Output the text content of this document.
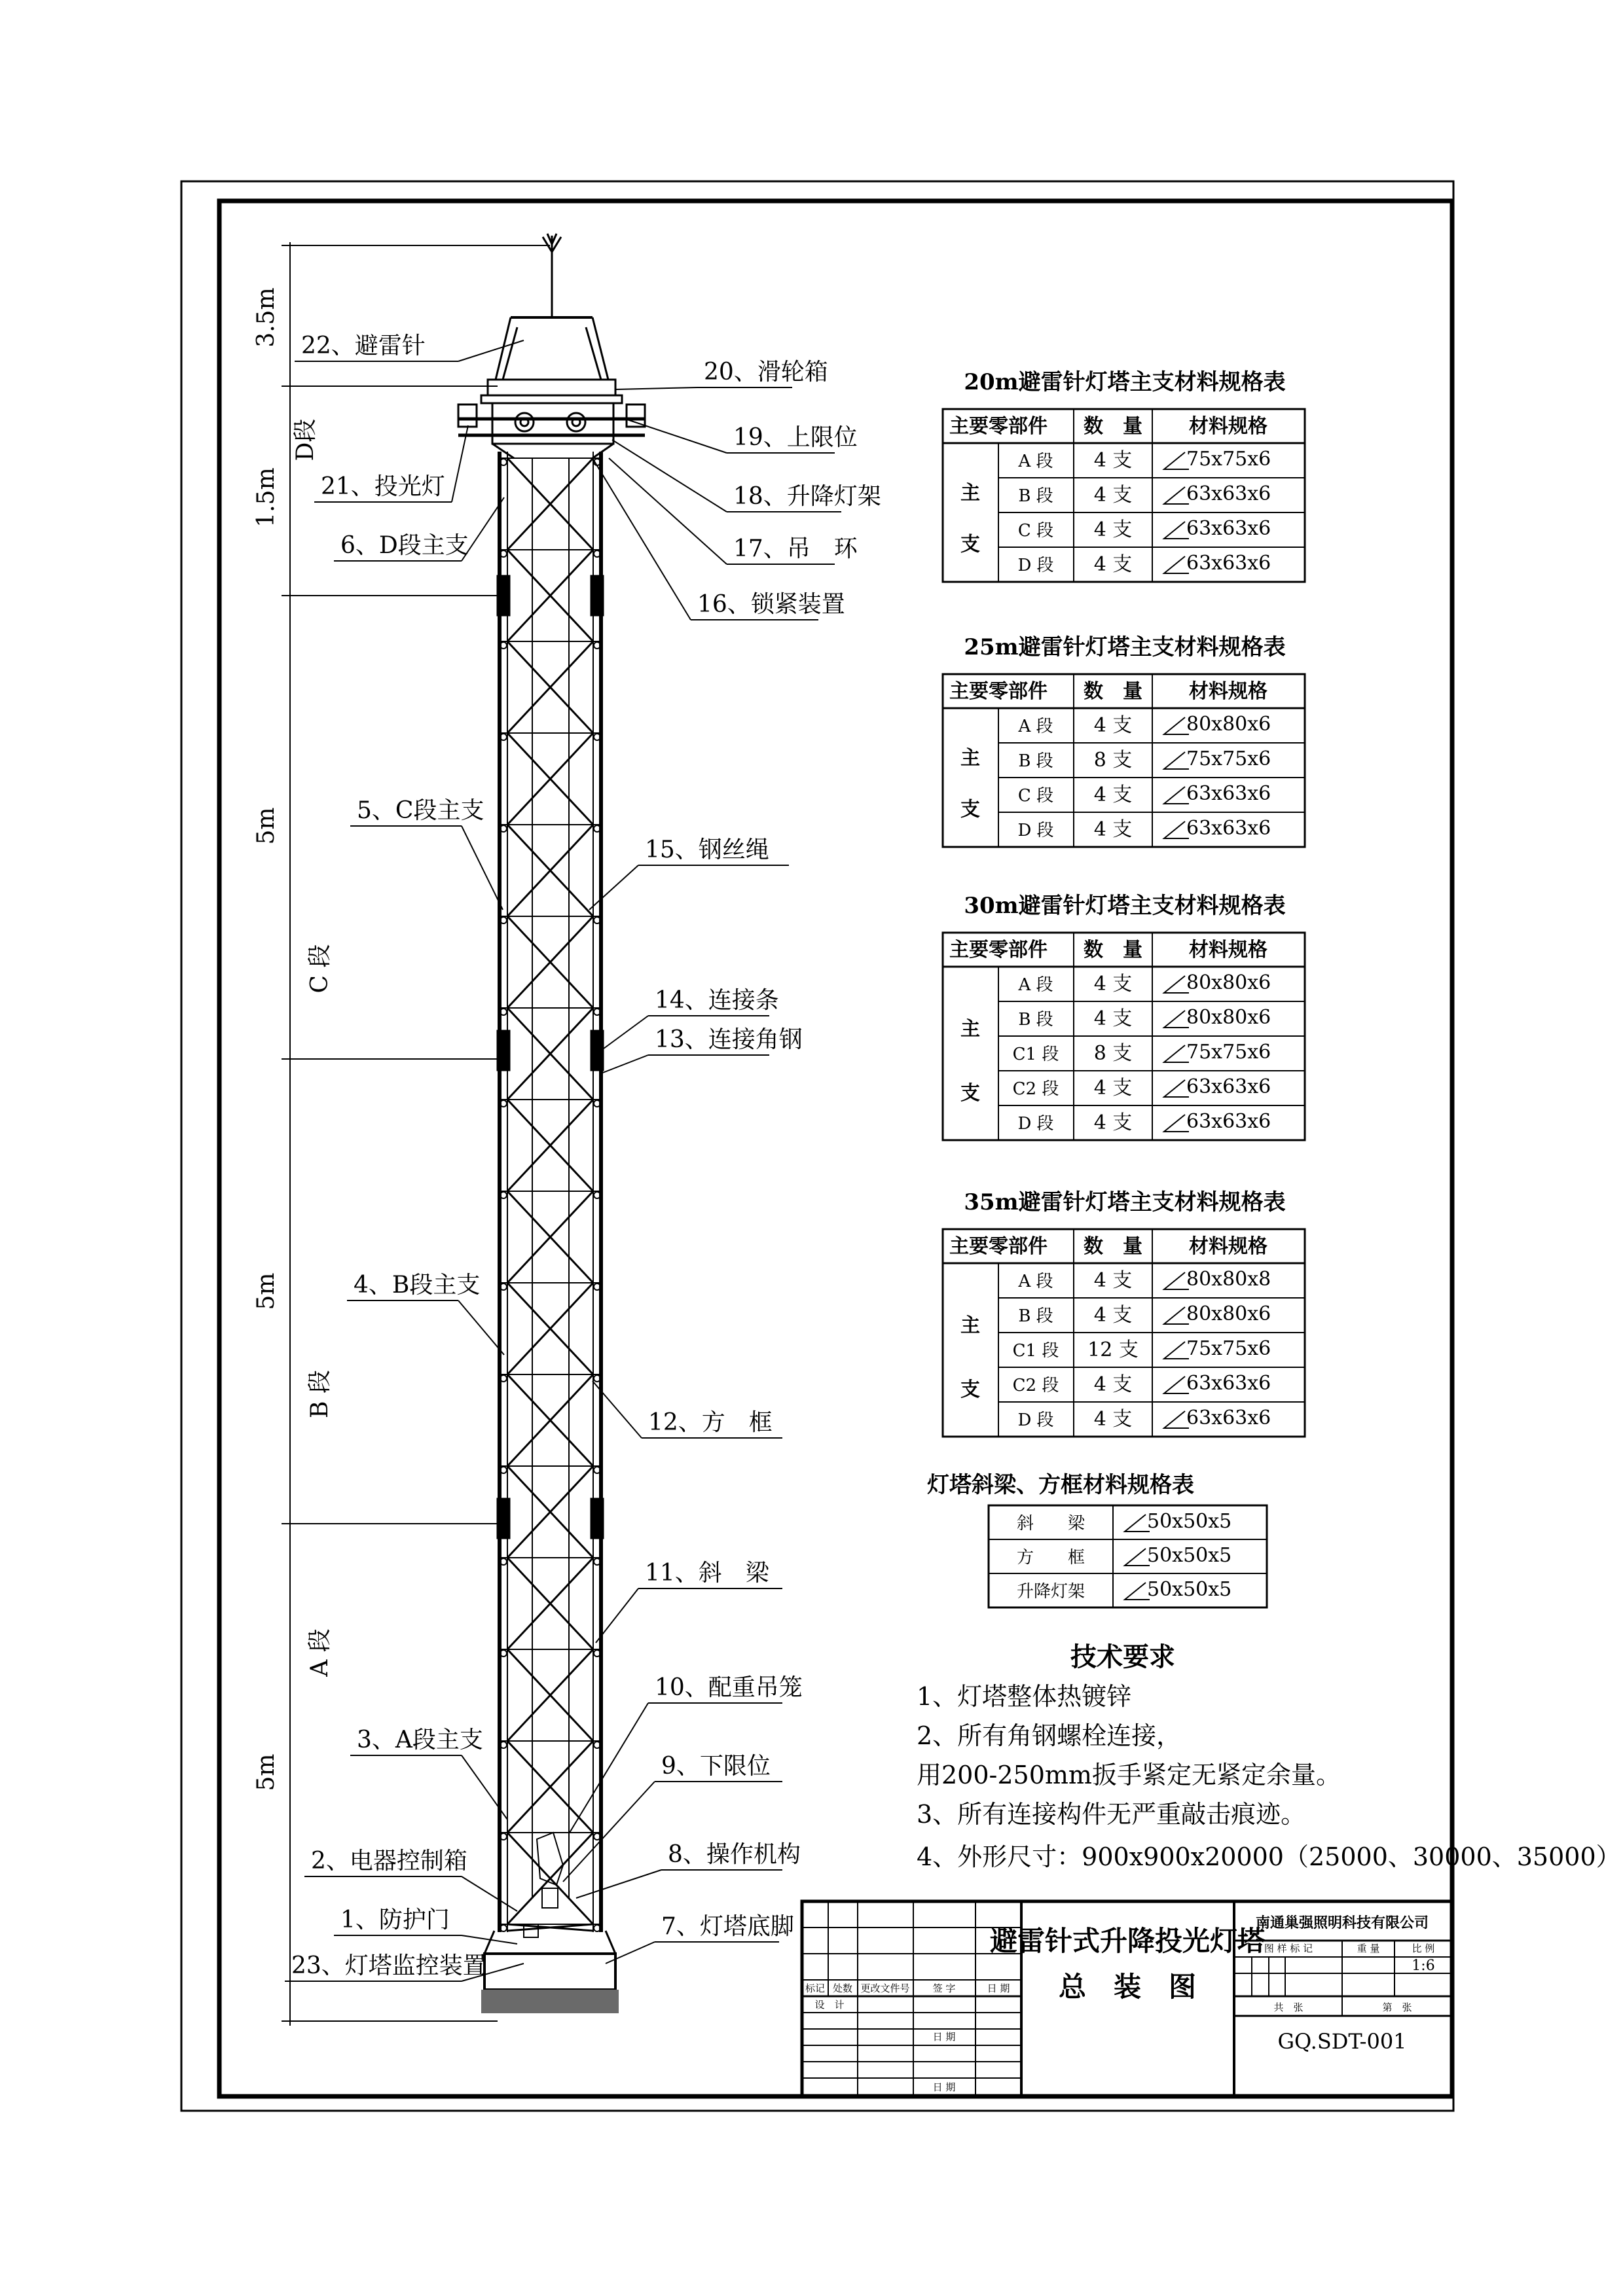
3.5m
1.5m
5m
5m
5m
D段
C 段
B 段
A 段
22、避雷针
21、投光灯
6、D段主支
5、C段主支
4、B段主支
3、A段主支
2、电器控制箱
1、防护门
23、灯塔监控装置
20、滑轮箱
19、上限位
18、升降灯架
17、吊　环
16、锁紧装置
15、钢丝绳
14、连接条
13、连接角钢
12、方　框
11、斜　梁
10、配重吊笼
9、下限位
8、操作机构
7、灯塔底脚
20m避雷针灯塔主支材料规格表
主要零部件 数　量 材料规格
主
支
A 段 4 支	75x75x6
B 段 4 支	63x63x6
C 段 4 支	63x63x6
D 段 4 支	63x63x6
25m避雷针灯塔主支材料规格表
主要零部件 数　量 材料规格
主
支
A 段 4 支	80x80x6
B 段 8 支	75x75x6
C 段 4 支	63x63x6
D 段 4 支	63x63x6
30m避雷针灯塔主支材料规格表
主要零部件 数　量 材料规格
主
支
A 段 4 支	80x80x6
B 段 4 支	80x80x6
C1 段 8 支	75x75x6
C2 段 4 支	63x63x6
D 段 4 支	63x63x6
35m避雷针灯塔主支材料规格表
主要零部件 数　量 材料规格
主
支
A 段 4 支	80x80x8
B 段 4 支	80x80x6
C1 段 12 支 75x75x6
C2 段 4 支	63x63x6
D 段 4 支	63x63x6
灯塔斜梁、方框材料规格表
斜　　梁	50x50x5
方　　框	50x50x5
升降灯架	50x50x5
技术要求
1、灯塔整体热镀锌
2、所有角钢螺栓连接，
用200-250mm扳手紧定无紧定余量。
3、所有连接构件无严重敲击痕迹。
4、外形尺寸：900x900x20000（25000、30000、35000）
避雷针式升降投光灯塔
总　装　图
南通巢强照明科技有限公司
图 样 标 记	重 量	比 例
1:6
共　张	第　张
GQ.SDT-001
标记 处数 更改文件号 签 字	日 期
设　计
日 期
日 期
